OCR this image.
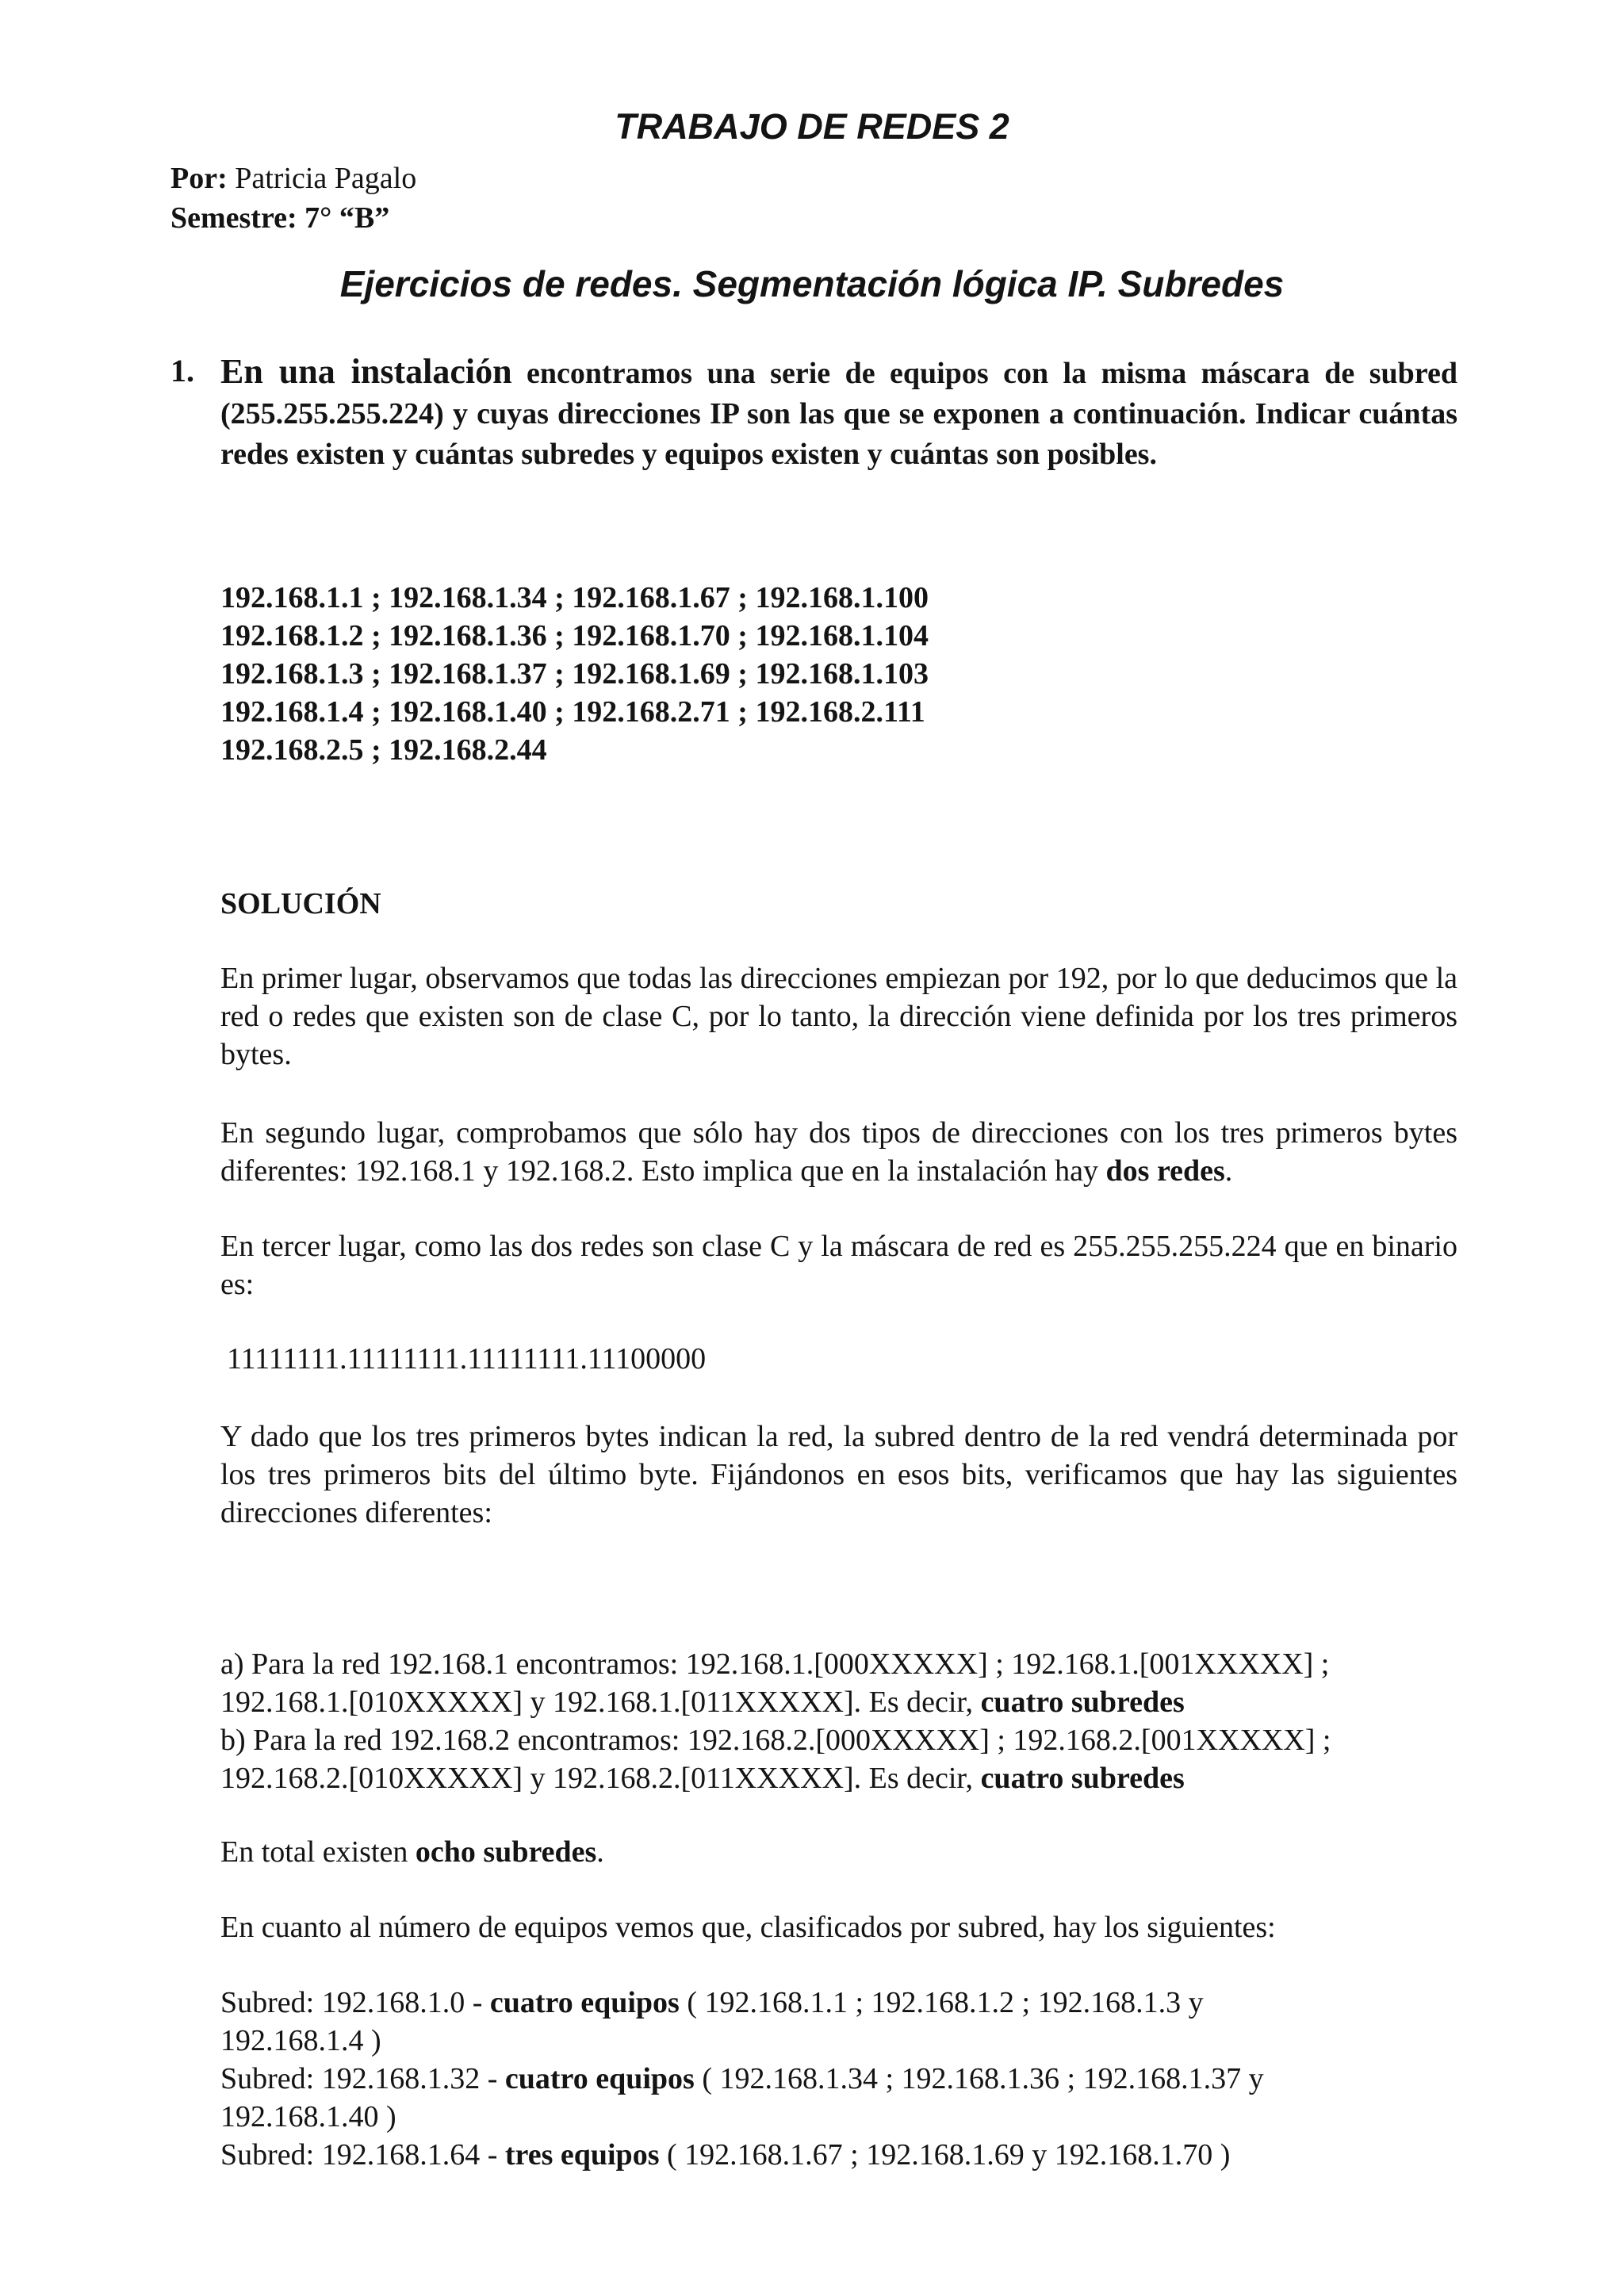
TRABAJO DE REDES 2
Por: Patricia Pagalo
Semestre: 7° “B”
Ejercicios de redes. Segmentación lógica IP. Subredes
1. En una instalación encontramos una serie de equipos con la misma máscara de subred (255.255.255.224) y cuyas direcciones IP son las que se exponen a continuación. Indicar cuántas redes existen y cuántas subredes y equipos existen y cuántas son posibles.
192.168.1.1 ; 192.168.1.34 ; 192.168.1.67 ; 192.168.1.100
192.168.1.2 ; 192.168.1.36 ; 192.168.1.70 ; 192.168.1.104
192.168.1.3 ; 192.168.1.37 ; 192.168.1.69 ; 192.168.1.103
192.168.1.4 ; 192.168.1.40 ; 192.168.2.71 ; 192.168.2.111
192.168.2.5 ; 192.168.2.44
SOLUCIÓN
En primer lugar, observamos que todas las direcciones empiezan por 192, por lo que deducimos que la red o redes que existen son de clase C, por lo tanto, la dirección viene definida por los tres primeros bytes.
En segundo lugar, comprobamos que sólo hay dos tipos de direcciones con los tres primeros bytes diferentes: 192.168.1 y 192.168.2. Esto implica que en la instalación hay dos redes.
En tercer lugar, como las dos redes son clase C y la máscara de red es 255.255.255.224 que en binario es:
11111111.11111111.11111111.11100000
Y dado que los tres primeros bytes indican la red, la subred dentro de la red vendrá determinada por los tres primeros bits del último byte. Fijándonos en esos bits, verificamos que hay las siguientes direcciones diferentes:
a) Para la red 192.168.1 encontramos: 192.168.1.[000XXXXX] ; 192.168.1.[001XXXXX] ;
192.168.1.[010XXXXX] y 192.168.1.[011XXXXX]. Es decir, cuatro subredes
b) Para la red 192.168.2 encontramos: 192.168.2.[000XXXXX] ; 192.168.2.[001XXXXX] ;
192.168.2.[010XXXXX] y 192.168.2.[011XXXXX]. Es decir, cuatro subredes
En total existen ocho subredes.
En cuanto al número de equipos vemos que, clasificados por subred, hay los siguientes:
Subred: 192.168.1.0 - cuatro equipos ( 192.168.1.1 ; 192.168.1.2 ; 192.168.1.3 y
192.168.1.4 )
Subred: 192.168.1.32 - cuatro equipos ( 192.168.1.34 ; 192.168.1.36 ; 192.168.1.37 y
192.168.1.40 )
Subred: 192.168.1.64 - tres equipos ( 192.168.1.67 ; 192.168.1.69 y 192.168.1.70 )
